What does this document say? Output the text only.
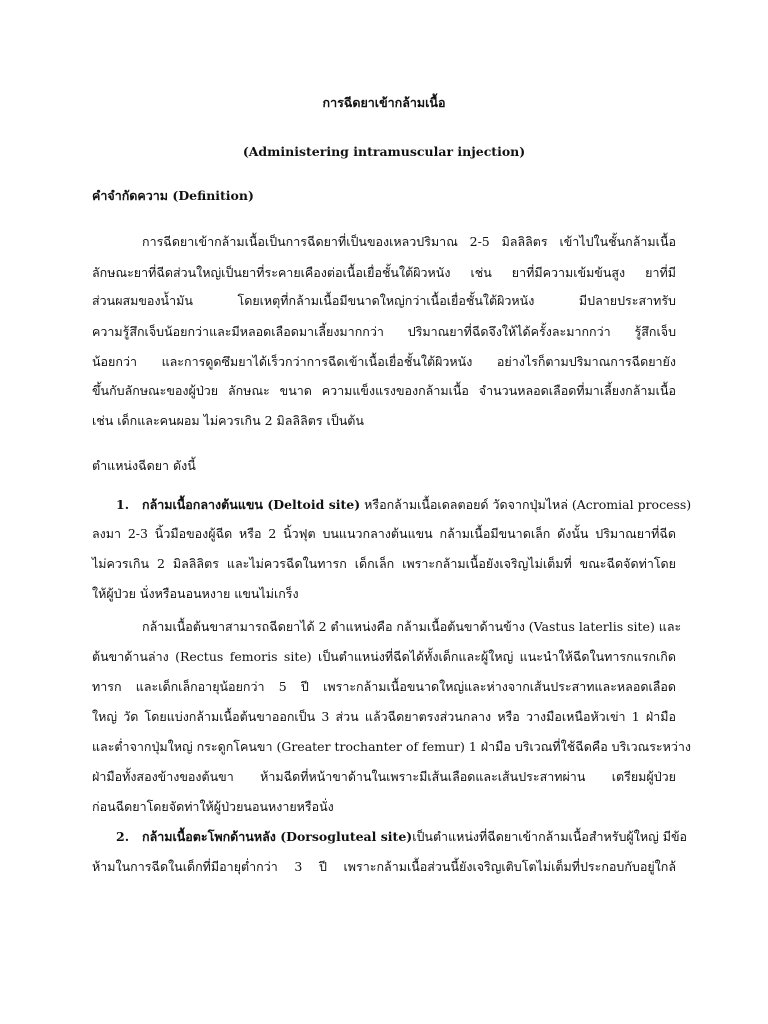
การฉีดยาเข้ากล้ามเนื้อ
(Administering intramuscular injection)
คำจำกัดความ (Definition)
การฉีดยาเข้ากล้ามเนื้อเป็นการฉีดยาที่เป็นของเหลวปริมาณ 2-5 มิลลิลิตร เข้าไปในชั้นกล้ามเนื้อ
ลักษณะยาที่ฉีดส่วนใหญ่เป็นยาที่ระคายเคืองต่อเนื้อเยื่อชั้นใต้ผิวหนัง เช่น ยาที่มีความเข้มข้นสูง ยาที่มี
ส่วนผสมของน้ำมัน โดยเหตุที่กล้ามเนื้อมีขนาดใหญ่กว่าเนื้อเยื่อชั้นใต้ผิวหนัง มีปลายประสาทรับ
ความรู้สึกเจ็บน้อยกว่าและมีหลอดเลือดมาเลี้ยงมากกว่า ปริมาณยาที่ฉีดจึงให้ได้ครั้งละมากกว่า รู้สึกเจ็บ
น้อยกว่า และการดูดซึมยาได้เร็วกว่าการฉีดเข้าเนื้อเยื่อชั้นใต้ผิวหนัง อย่างไรก็ตามปริมาณการฉีดยายัง
ขึ้นกับลักษณะของผู้ป่วย ลักษณะ ขนาด ความแข็งแรงของกล้ามเนื้อ จำนวนหลอดเลือดที่มาเลี้ยงกล้ามเนื้อ
เช่น เด็กและคนผอม ไม่ควรเกิน 2 มิลลิลิตร เป็นต้น
ตำแหน่งฉีดยา ดังนี้
1. กล้ามเนื้อกลางต้นแขน (Deltoid site) หรือกล้ามเนื้อเดลตอยด์ วัดจากปุ่มไหล่ (Acromial process)
ลงมา 2-3 นิ้วมือของผู้ฉีด หรือ 2 นิ้วฟุต บนแนวกลางต้นแขน กล้ามเนื้อมีขนาดเล็ก ดังนั้น ปริมาณยาที่ฉีด
ไม่ควรเกิน 2 มิลลิลิตร และไม่ควรฉีดในทารก เด็กเล็ก เพราะกล้ามเนื้อยังเจริญไม่เต็มที่ ขณะฉีดจัดท่าโดย
ให้ผู้ป่วย นั่งหรือนอนหงาย แขนไม่เกร็ง
กล้ามเนื้อต้นขาสามารถฉีดยาได้ 2 ตำแหน่งคือ กล้ามเนื้อต้นขาด้านข้าง (Vastus laterlis site) และ
ต้นขาด้านล่าง (Rectus femoris site) เป็นตำแหน่งที่ฉีดได้ทั้งเด็กและผู้ใหญ่ แนะนำให้ฉีดในทารกแรกเกิด
ทารก และเด็กเล็กอายุน้อยกว่า 5 ปี เพราะกล้ามเนื้อขนาดใหญ่และห่างจากเส้นประสาทและหลอดเลือด
ใหญ่ วัด โดยแบ่งกล้ามเนื้อต้นขาออกเป็น 3 ส่วน แล้วฉีดยาตรงส่วนกลาง หรือ วางมือเหนือหัวเข่า 1 ฝ่ามือ
และต่ำจากปุ่มใหญ่ กระดูกโคนขา (Greater trochanter of femur) 1 ฝ่ามือ บริเวณที่ใช้ฉีดคือ บริเวณระหว่าง
ฝ่ามือทั้งสองข้างของต้นขา ห้ามฉีดที่หน้าขาด้านในเพราะมีเส้นเลือดและเส้นประสาทผ่าน เตรียมผู้ป่วย
ก่อนฉีดยาโดยจัดท่าให้ผู้ป่วยนอนหงายหรือนั่ง
2. กล้ามเนื้อตะโพกด้านหลัง (Dorsogluteal site)เป็นตำแหน่งที่ฉีดยาเข้ากล้ามเนื้อสำหรับผู้ใหญ่ มีข้อ
ห้ามในการฉีดในเด็กที่มีอายุต่ำกว่า 3 ปี เพราะกล้ามเนื้อส่วนนี้ยังเจริญเติบโตไม่เต็มที่ประกอบกับอยู่ใกล้
